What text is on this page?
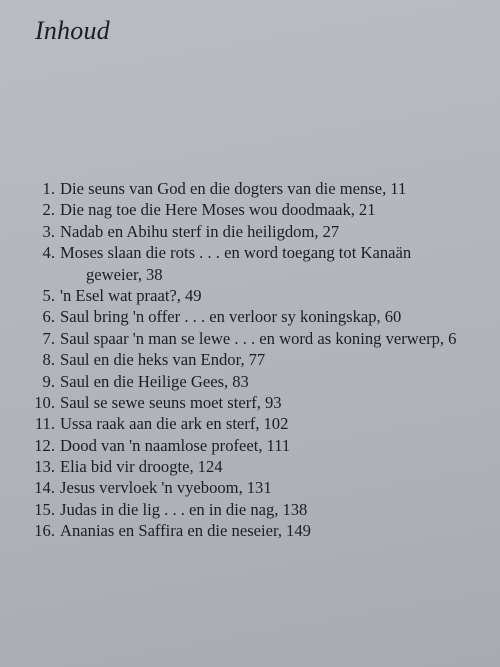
Inhoud
1. Die seuns van God en die dogters van die mense, 11
2. Die nag toe die Here Moses wou doodmaak, 21
3. Nadab en Abihu sterf in die heiligdom, 27
4. Moses slaan die rots . . . en word toegang tot Kanaän
geweier, 38
5. 'n Esel wat praat?, 49
6. Saul bring 'n offer . . . en verloor sy koningskap, 60
7. Saul spaar 'n man se lewe . . . en word as koning verwerp, 6
8. Saul en die heks van Endor, 77
9. Saul en die Heilige Gees, 83
10. Saul se sewe seuns moet sterf, 93
11. Ussa raak aan die ark en sterf, 102
12. Dood van 'n naamlose profeet, 111
13. Elia bid vir droogte, 124
14. Jesus vervloek 'n vyeboom, 131
15. Judas in die lig . . . en in die nag, 138
16. Ananias en Saffira en die neseier, 149
